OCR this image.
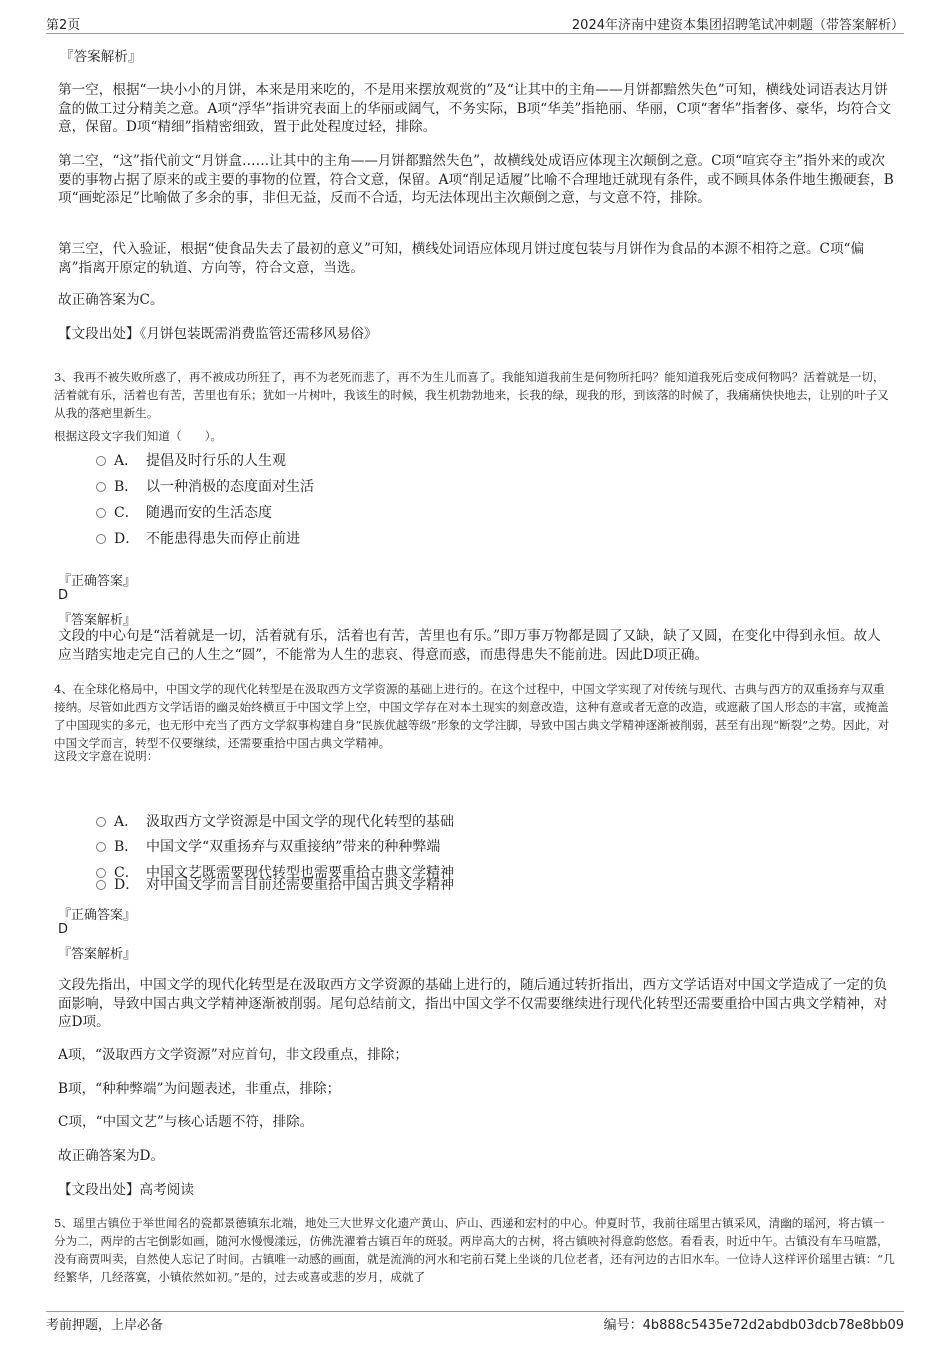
第2页	2024年济南中建资本集团招聘笔试冲刺题（带答案解析）
『答案解析』
第一空，根据“一块小小的月饼，本来是用来吃的，不是用来摆放观赏的”及“让其中的主角——月饼都黯然失色”可知，横线处词语表达月饼盒的做工过分精美之意。A项“浮华”指讲究表面上的华丽或阔气，不务实际，B项“华美”指艳丽、华丽，C项“奢华”指奢侈、豪华，均符合文意，保留。D项“精细”指精密细致，置于此处程度过轻，排除。
第二空，“这”指代前文“月饼盒……让其中的主角——月饼都黯然失色”，故横线处成语应体现主次颠倒之意。C项“喧宾夺主”指外来的或次要的事物占据了原来的或主要的事物的位置，符合文意，保留。A项“削足适履”比喻不合理地迁就现有条件，或不顾具体条件地生搬硬套，B项“画蛇添足”比喻做了多余的事，非但无益，反而不合适，均无法体现出主次颠倒之意，与文意不符，排除。
第三空，代入验证，根据“使食品失去了最初的意义”可知，横线处词语应体现月饼过度包装与月饼作为食品的本源不相符之意。C项“偏离”指离开原定的轨道、方向等，符合文意，当选。
故正确答案为C。
【文段出处】《月饼包装既需消费监管还需移风易俗》
3、我再不被失败所惑了，再不被成功所狂了，再不为老死而悲了，再不为生儿而喜了。我能知道我前生是何物所托吗？能知道我死后变成何物吗？活着就是一切，活着就有乐，活着也有苦，苦里也有乐；犹如一片树叶，我该生的时候，我生机勃勃地来，长我的绿，现我的形，到该落的时候了，我痛痛快快地去，让别的叶子又从我的落疤里新生。
根据这段文字我们知道（　　）。
A． 提倡及时行乐的人生观
B． 以一种消极的态度面对生活
C． 随遇而安的生活态度
D． 不能患得患失而停止前进
『正确答案』
D
『答案解析』
文段的中心句是“活着就是一切，活着就有乐，活着也有苦，苦里也有乐。”即万事万物都是圆了又缺，缺了又圆，在变化中得到永恒。故人应当踏实地走完自己的人生之“圆”，不能常为人生的悲哀、得意而惑，而患得患失不能前进。因此D项正确。
4、在全球化格局中，中国文学的现代化转型是在汲取西方文学资源的基础上进行的。在这个过程中，中国文学实现了对传统与现代、古典与西方的双重扬弃与双重接纳。尽管如此西方文学话语的幽灵始终横亘于中国文学上空，中国文学存在对本土现实的刻意改造，这种有意或者无意的改造，或遮蔽了国人形态的丰富，或掩盖了中国现实的多元，也无形中充当了西方文学叙事构建自身“民族优越等级”形象的文学注脚，导致中国古典文学精神逐渐被削弱，甚至有出现“断裂”之势。因此，对中国文学而言，转型不仅要继续，还需要重拾中国古典文学精神。
这段文字意在说明：
A． 汲取西方文学资源是中国文学的现代化转型的基础
B． 中国文学“双重扬弃与双重接纳”带来的种种弊端
C． 中国文艺既需要现代转型也需要重拾古典文学精神
D． 对中国文学而言目前还需要重拾中国古典文学精神
『正确答案』
D
『答案解析』
文段先指出，中国文学的现代化转型是在汲取西方文学资源的基础上进行的，随后通过转折指出，西方文学话语对中国文学造成了一定的负面影响，导致中国古典文学精神逐渐被削弱。尾句总结前文，指出中国文学不仅需要继续进行现代化转型还需要重拾中国古典文学精神，对应D项。
A项，“汲取西方文学资源”对应首句，非文段重点，排除；
B项，“种种弊端”为问题表述，非重点，排除；
C项，“中国文艺”与核心话题不符，排除。
故正确答案为D。
【文段出处】高考阅读
5、瑶里古镇位于举世闻名的瓷都景德镇东北端，地处三大世界文化遗产黄山、庐山、西递和宏村的中心。仲夏时节，我前往瑶里古镇采风，清幽的瑶河，将古镇一分为二，两岸的古宅倒影如画，随河水慢慢漾远，仿佛洗濯着古镇百年的斑驳。两岸高大的古树，将古镇映衬得意韵悠悠。看看表，时近中午。古镇没有车马喧嚣，没有商贾叫卖，自然使人忘记了时间。古镇唯一动感的画面，就是流淌的河水和宅前石凳上坐谈的几位老者，还有河边的古旧水车。一位诗人这样评价瑶里古镇：“几经繁华，几经落寞，小镇依然如初。”是的，过去或喜或悲的岁月，成就了
考前押题，上岸必备	编号：4b888c5435e72d2abdb03dcb78e8bb09
